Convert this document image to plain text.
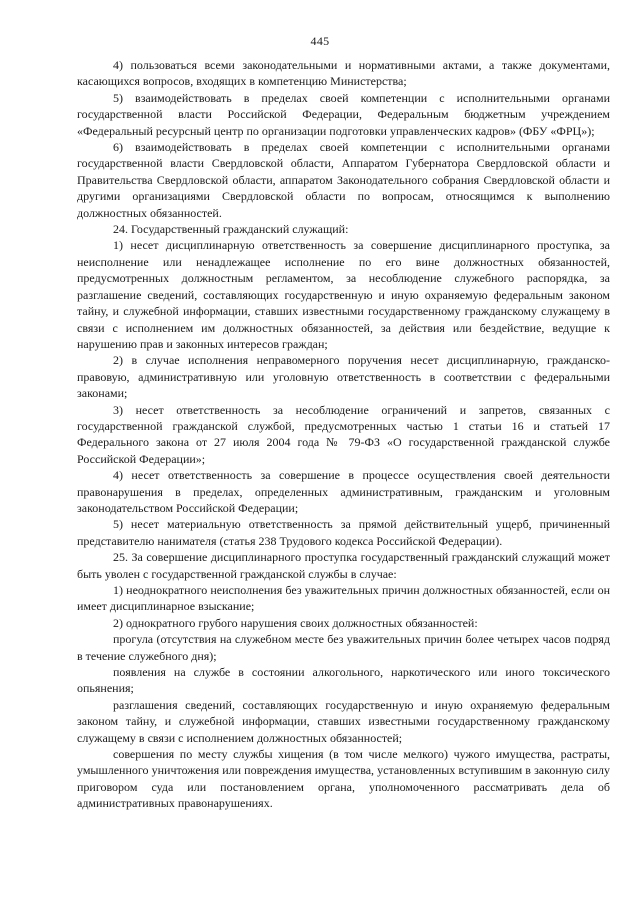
445

4) пользоваться всеми законодательными и нормативными актами, а также документами, касающихся вопросов, входящих в компетенцию Министерства;

5) взаимодействовать в пределах своей компетенции с исполнительными органами государственной власти Российской Федерации, Федеральным бюджетным учреждением «Федеральный ресурсный центр по организации подготовки управленческих кадров» (ФБУ «ФРЦ»);

6) взаимодействовать в пределах своей компетенции с исполнительными органами государственной власти Свердловской области, Аппаратом Губернатора Свердловской области и Правительства Свердловской области, аппаратом Законодательного собрания Свердловской области и другими организациями Свердловской области по вопросам, относящимся к выполнению должностных обязанностей.

24. Государственный гражданский служащий:

1) несет дисциплинарную ответственность за совершение дисциплинарного проступка, за неисполнение или ненадлежащее исполнение по его вине должностных обязанностей, предусмотренных должностным регламентом, за несоблюдение служебного распорядка, за разглашение сведений, составляющих государственную и иную охраняемую федеральным законом тайну, и служебной информации, ставших известными государственному гражданскому служащему в связи с исполнением им должностных обязанностей, за действия или бездействие, ведущие к нарушению прав и законных интересов граждан;

2) в случае исполнения неправомерного поручения несет дисциплинарную, гражданско-правовую, административную или уголовную ответственность в соответствии с федеральными законами;

3) несет ответственность за несоблюдение ограничений и запретов, связанных с государственной гражданской службой, предусмотренных частью 1 статьи 16 и статьей 17 Федерального закона от 27 июля 2004 года № 79-ФЗ «О государственной гражданской службе Российской Федерации»;

4) несет ответственность за совершение в процессе осуществления своей деятельности правонарушения в пределах, определенных административным, гражданским и уголовным законодательством Российской Федерации;

5) несет материальную ответственность за прямой действительный ущерб, причиненный представителю нанимателя (статья 238 Трудового кодекса Российской Федерации).

25. За совершение дисциплинарного проступка государственный гражданский служащий может быть уволен с государственной гражданской службы в случае:

1) неоднократного неисполнения без уважительных причин должностных обязанностей, если он имеет дисциплинарное взыскание;

2) однократного грубого нарушения своих должностных обязанностей:

прогула (отсутствия на служебном месте без уважительных причин более четырех часов подряд в течение служебного дня);

появления на службе в состоянии алкогольного, наркотического или иного токсического опьянения;

разглашения сведений, составляющих государственную и иную охраняемую федеральным законом тайну, и служебной информации, ставших известными государственному гражданскому служащему в связи с исполнением должностных обязанностей;

совершения по месту службы хищения (в том числе мелкого) чужого имущества, растраты, умышленного уничтожения или повреждения имущества, установленных вступившим в законную силу приговором суда или постановлением органа, уполномоченного рассматривать дела об административных правонарушениях.
